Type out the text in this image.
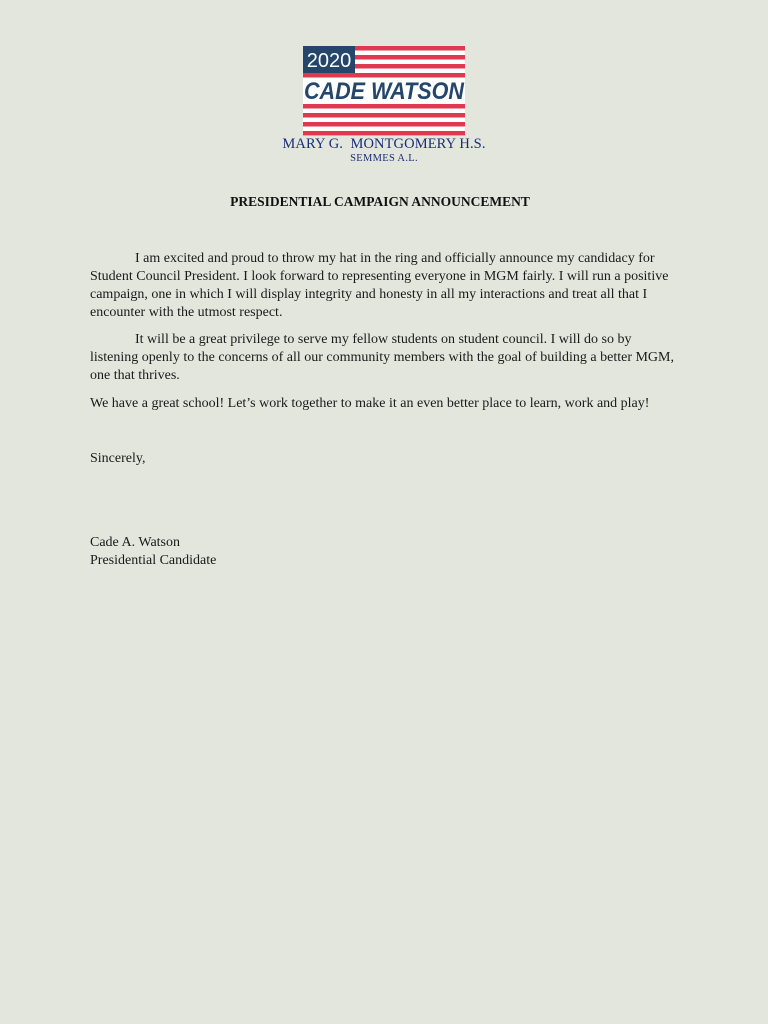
2020
CADE WATSON
MARY G.  MONTGOMERY H.S.
SEMMES A.L.
PRESIDENTIAL CAMPAIGN ANNOUNCEMENT

I am excited and proud to throw my hat in the ring and officially announce my candidacy for Student Council President. I look forward to representing everyone in MGM fairly. I will run a positive campaign, one in which I will display integrity and honesty in all my interactions and treat all that I encounter with the utmost respect.

It will be a great privilege to serve my fellow students on student council. I will do so by listening openly to the concerns of all our community members with the goal of building a better MGM, one that thrives.

We have a great school! Let’s work together to make it an even better place to learn, work and play!

Sincerely,
Cade A. Watson
Presidential Candidate
